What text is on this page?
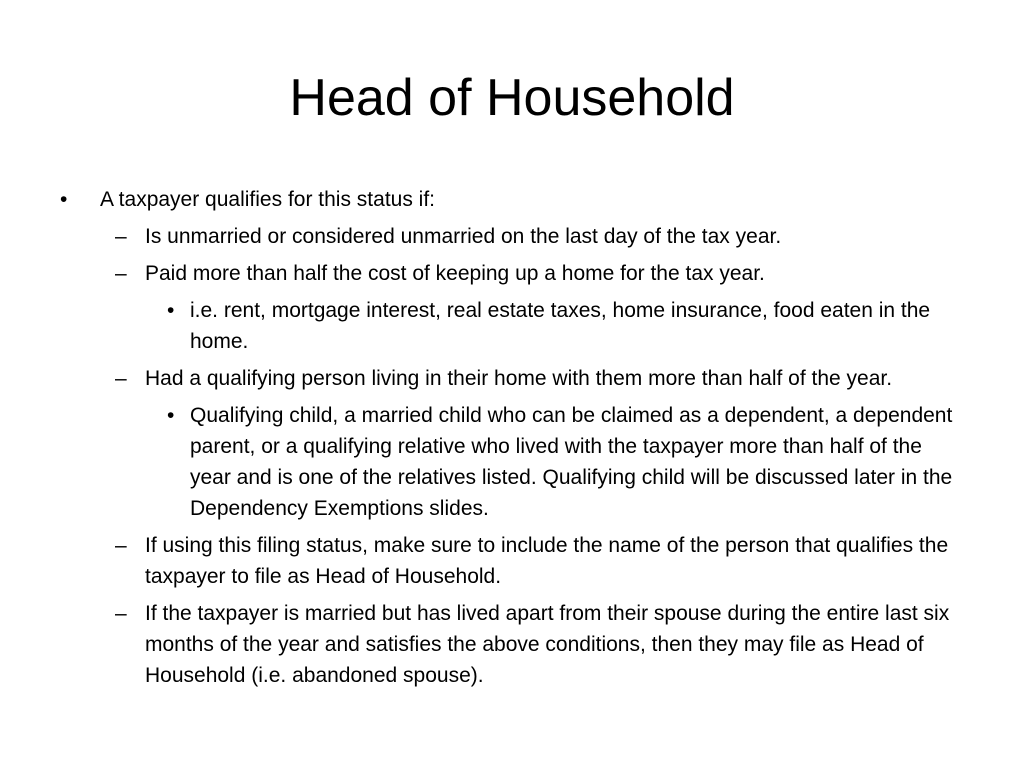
Head of Household
• A taxpayer qualifies for this status if:
– Is unmarried or considered unmarried on the last day of the tax year.
– Paid more than half the cost of keeping up a home for the tax year.
• i.e. rent, mortgage interest, real estate taxes, home insurance, food eaten in the home.
– Had a qualifying person living in their home with them more than half of the year.
• Qualifying child, a married child who can be claimed as a dependent, a dependent parent, or a qualifying relative who lived with the taxpayer more than half of the year and is one of the relatives listed. Qualifying child will be discussed later in the Dependency Exemptions slides.
– If using this filing status, make sure to include the name of the person that qualifies the taxpayer to file as Head of Household.
– If the taxpayer is married but has lived apart from their spouse during the entire last six months of the year and satisfies the above conditions, then they may file as Head of Household (i.e. abandoned spouse).
